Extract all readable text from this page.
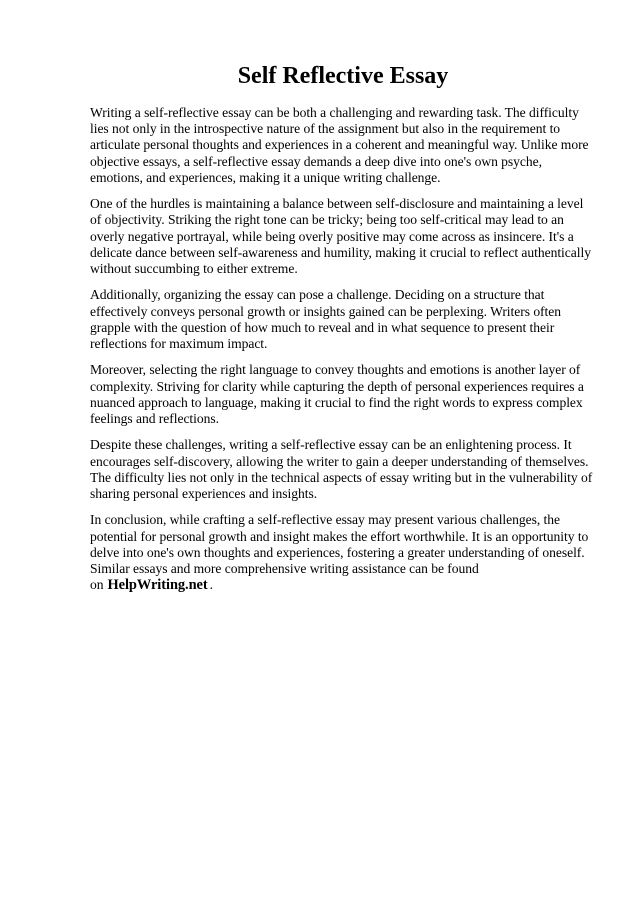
Self Reflective Essay

Writing a self-reflective essay can be both a challenging and rewarding task. The difficulty lies not only in the introspective nature of the assignment but also in the requirement to articulate personal thoughts and experiences in a coherent and meaningful way. Unlike more objective essays, a self-reflective essay demands a deep dive into one's own psyche, emotions, and experiences, making it a unique writing challenge.

One of the hurdles is maintaining a balance between self-disclosure and maintaining a level of objectivity. Striking the right tone can be tricky; being too self-critical may lead to an overly negative portrayal, while being overly positive may come across as insincere. It's a delicate dance between self-awareness and humility, making it crucial to reflect authentically without succumbing to either extreme.

Additionally, organizing the essay can pose a challenge. Deciding on a structure that effectively conveys personal growth or insights gained can be perplexing. Writers often grapple with the question of how much to reveal and in what sequence to present their reflections for maximum impact.

Moreover, selecting the right language to convey thoughts and emotions is another layer of complexity. Striving for clarity while capturing the depth of personal experiences requires a nuanced approach to language, making it crucial to find the right words to express complex feelings and reflections.

Despite these challenges, writing a self-reflective essay can be an enlightening process. It encourages self-discovery, allowing the writer to gain a deeper understanding of themselves. The difficulty lies not only in the technical aspects of essay writing but in the vulnerability of sharing personal experiences and insights.

In conclusion, while crafting a self-reflective essay may present various challenges, the potential for personal growth and insight makes the effort worthwhile. It is an opportunity to delve into one's own thoughts and experiences, fostering a greater understanding of oneself. Similar essays and more comprehensive writing assistance can be found on HelpWriting.net .
